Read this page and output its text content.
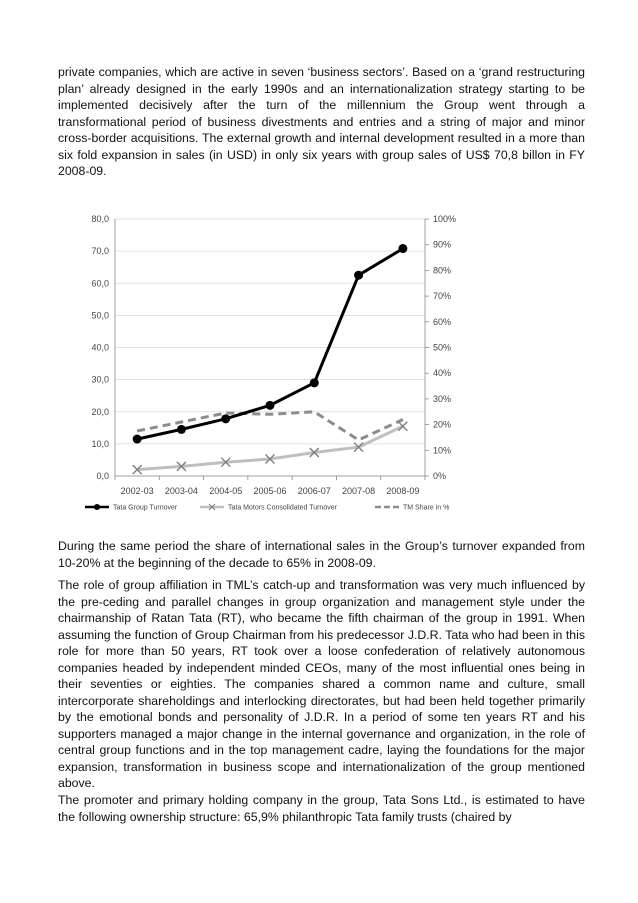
private companies, which are active in seven ‘business sectors’. Based on a ‘grand restructuring plan’ already designed in the early 1990s and an internationalization strategy starting to be implemented decisively after the turn of the millennium the Group went through a transformational period of business divestments and entries and a string of major and minor cross-border acquisitions. The external growth and internal development resulted in a more than six fold expansion in sales (in USD) in only six years with group sales of US$ 70,8 billon in FY 2008-09.

0,0
10,0
20,0
30,0
40,0
50,0
60,0
70,0
80,0
0%
10%
20%
30%
40%
50%
60%
70%
80%
90%
100%
2002-03 2003-04 2004-05 2005-06 2006-07 2007-08 2008-09
Tata Group Turnover	Tata Motors Consolidated Turnover	TM Share in %

During the same period the share of international sales in the Group’s turnover expanded from 10-20% at the beginning of the decade to 65% in 2008-09.

The role of group affiliation in TML’s catch-up and transformation was very much influenced by the pre-ceding and parallel changes in group organization and management style under the chairmanship of Ratan Tata (RT), who became the fifth chairman of the group in 1991. When assuming the function of Group Chairman from his predecessor J.D.R. Tata who had been in this role for more than 50 years, RT took over a loose confederation of relatively autonomous companies headed by independent minded CEOs, many of the most influential ones being in their seventies or eighties. The companies shared a common name and culture, small intercorporate shareholdings and interlocking directorates, but had been held together primarily by the emotional bonds and personality of J.D.R. In a period of some ten years RT and his supporters managed a major change in the internal governance and organization, in the role of central group functions and in the top management cadre, laying the foundations for the major expansion, transformation in business scope and internationalization of the group mentioned above.

The promoter and primary holding company in the group, Tata Sons Ltd., is estimated to have the following ownership structure: 65,9% philanthropic Tata family trusts (chaired by
